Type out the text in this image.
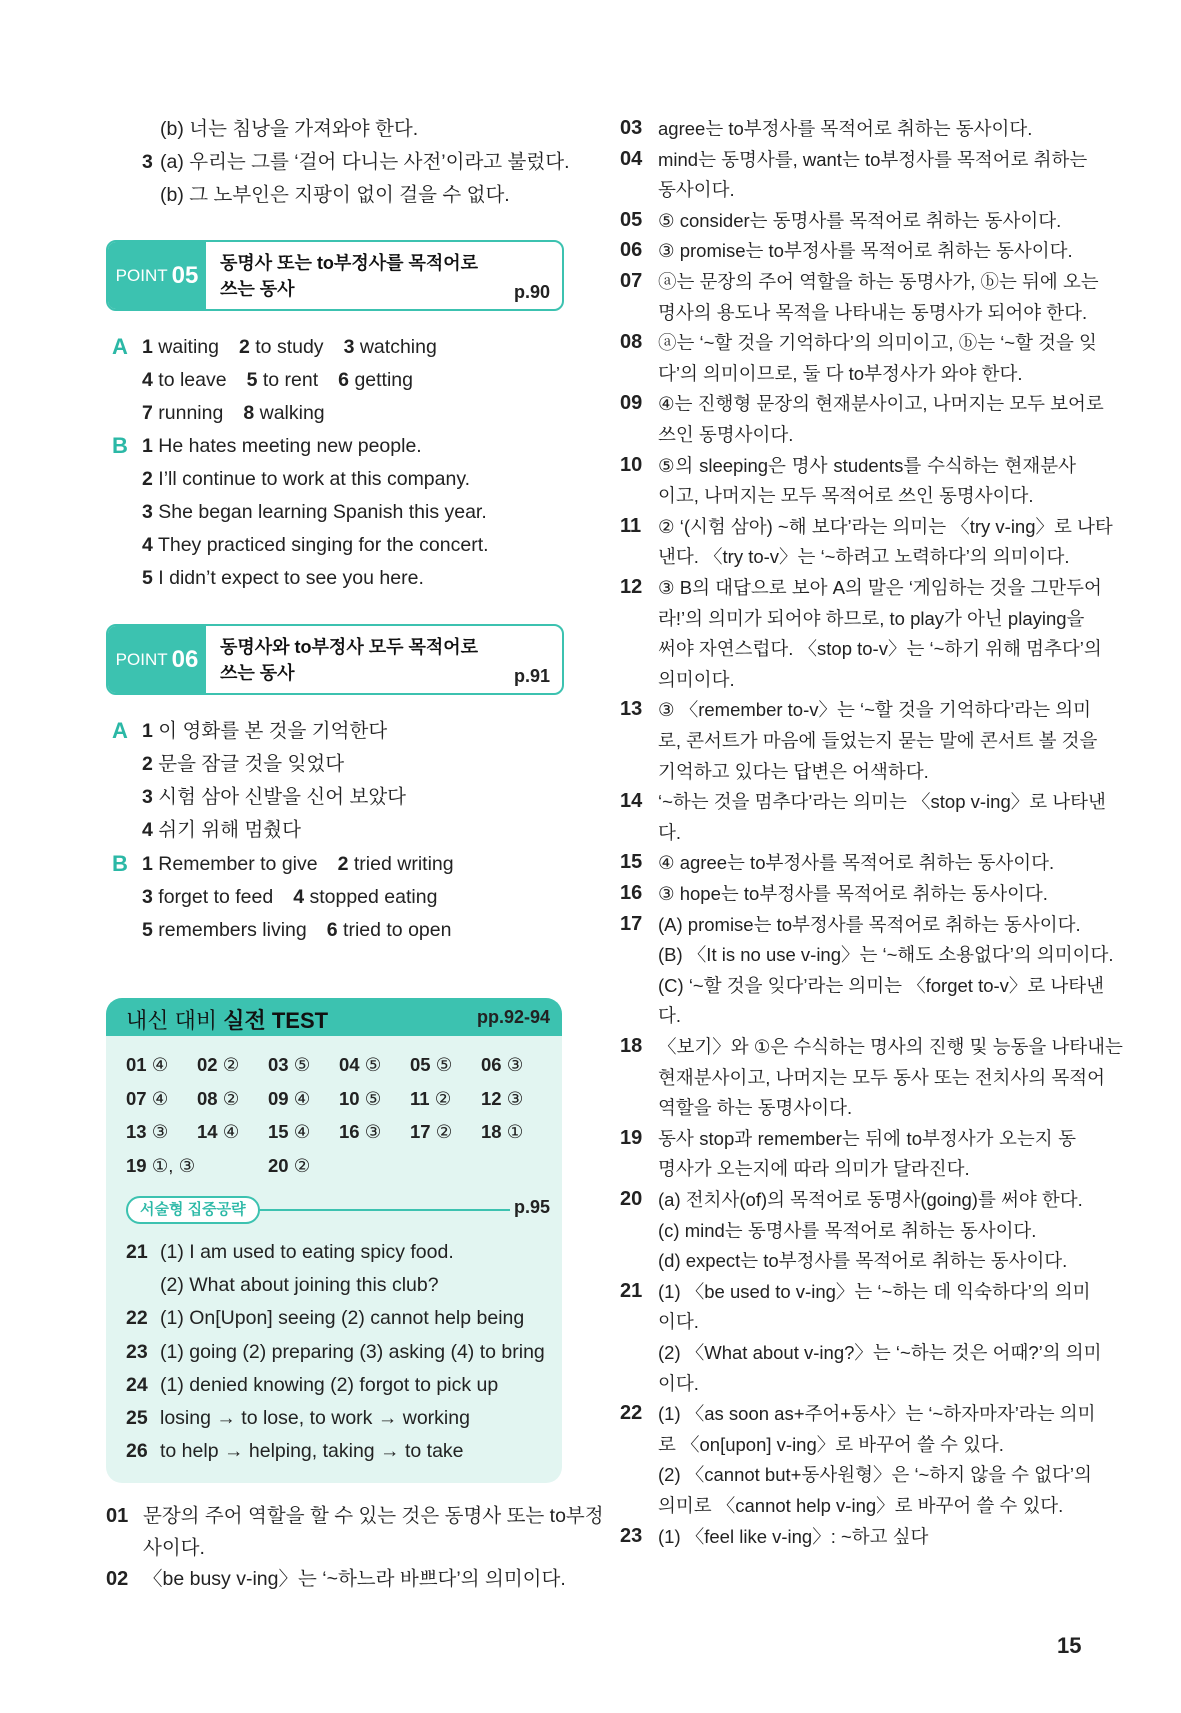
(b) 너는 침낭을 가져와야 한다.
3 (a) 우리는 그를 ‘걸어 다니는 사전’이라고 불렀다.
(b) 그 노부인은 지팡이 없이 걸을 수 없다.
POINT 05 동명사 또는 to부정사를 목적어로
쓰는 동사	p.90
A 1 waiting 2 to study 3 watching
4 to leave 5 to rent 6 getting
7 running 8 walking
B 1 He hates meeting new people.
2 I’ll continue to work at this company.
3 She began learning Spanish this year.
4 They practiced singing for the concert.
5 I didn’t expect to see you here.
POINT 06 동명사와 to부정사 모두 목적어로
쓰는 동사	p.91
A 1 이 영화를 본 것을 기억한다
2 문을 잠글 것을 잊었다
3 시험 삼아 신발을 신어 보았다
4 쉬기 위해 멈췄다
B 1 Remember to give 2 tried writing
3 forget to feed 4 stopped eating
5 remembers living 6 tried to open
내신 대비 실전 TEST	pp.92-94
01 ④ 02 ② 03 ⑤ 04 ⑤ 05 ⑤ 06 ③
07 ④ 08 ② 09 ④ 10 ⑤ 11 ② 12 ③
13 ③ 14 ④ 15 ④ 16 ③ 17 ② 18 ①
19 ①, ③	20 ②
서술형 집중공략	p.95
21 (1) I am used to eating spicy food.
(2) What about joining this club?
22 (1) On[Upon] seeing (2) cannot help being
23 (1) going (2) preparing (3) asking (4) to bring
24 (1) denied knowing (2) forgot to pick up
25 losing → to lose, to work → working
26 to help → helping, taking → to take
01 문장의 주어 역할을 할 수 있는 것은 동명사 또는 to부정
사이다.
02 〈be busy v-ing〉는 ‘~하느라 바쁘다’의 의미이다.
03 agree는 to부정사를 목적어로 취하는 동사이다.
04 mind는 동명사를, want는 to부정사를 목적어로 취하는
동사이다.
05 ⑤ consider는 동명사를 목적어로 취하는 동사이다.
06 ③ promise는 to부정사를 목적어로 취하는 동사이다.
07 ⓐ는 문장의 주어 역할을 하는 동명사가, ⓑ는 뒤에 오는
명사의 용도나 목적을 나타내는 동명사가 되어야 한다.
08 ⓐ는 ‘~할 것을 기억하다’의 의미이고, ⓑ는 ‘~할 것을 잊
다’의 의미이므로, 둘 다 to부정사가 와야 한다.
09 ④는 진행형 문장의 현재분사이고, 나머지는 모두 보어로
쓰인 동명사이다.
10 ⑤의 sleeping은 명사 students를 수식하는 현재분사
이고, 나머지는 모두 목적어로 쓰인 동명사이다.
11 ② ‘(시험 삼아) ~해 보다’라는 의미는 〈try v-ing〉로 나타
낸다. 〈try to-v〉는 ‘~하려고 노력하다’의 의미이다.
12 ③ B의 대답으로 보아 A의 말은 ‘게임하는 것을 그만두어
라!’의 의미가 되어야 하므로, to play가 아닌 playing을
써야 자연스럽다. 〈stop to-v〉는 ‘~하기 위해 멈추다’의
의미이다.
13 ③ 〈remember to-v〉는 ‘~할 것을 기억하다’라는 의미
로, 콘서트가 마음에 들었는지 묻는 말에 콘서트 볼 것을
기억하고 있다는 답변은 어색하다.
14 ‘~하는 것을 멈추다’라는 의미는 〈stop v-ing〉로 나타낸
다.
15 ④ agree는 to부정사를 목적어로 취하는 동사이다.
16 ③ hope는 to부정사를 목적어로 취하는 동사이다.
17 (A) promise는 to부정사를 목적어로 취하는 동사이다.
(B) 〈It is no use v-ing〉는 ‘~해도 소용없다’의 의미이다.
(C) ‘~할 것을 잊다’라는 의미는 〈forget to-v〉로 나타낸
다.
18 〈보기〉와 ①은 수식하는 명사의 진행 및 능동을 나타내는
현재분사이고, 나머지는 모두 동사 또는 전치사의 목적어
역할을 하는 동명사이다.
19 동사 stop과 remember는 뒤에 to부정사가 오는지 동
명사가 오는지에 따라 의미가 달라진다.
20 (a) 전치사(of)의 목적어로 동명사(going)를 써야 한다.
(c) mind는 동명사를 목적어로 취하는 동사이다.
(d) expect는 to부정사를 목적어로 취하는 동사이다.
21 (1) 〈be used to v-ing〉는 ‘~하는 데 익숙하다’의 의미
이다.
(2) 〈What about v-ing?〉는 ‘~하는 것은 어때?’의 의미
이다.
22 (1) 〈as soon as+주어+동사〉는 ‘~하자마자’라는 의미
로 〈on[upon] v-ing〉로 바꾸어 쓸 수 있다.
(2) 〈cannot but+동사원형〉은 ‘~하지 않을 수 없다’의
의미로 〈cannot help v-ing〉로 바꾸어 쓸 수 있다.
23 (1) 〈feel like v-ing〉: ~하고 싶다
15
